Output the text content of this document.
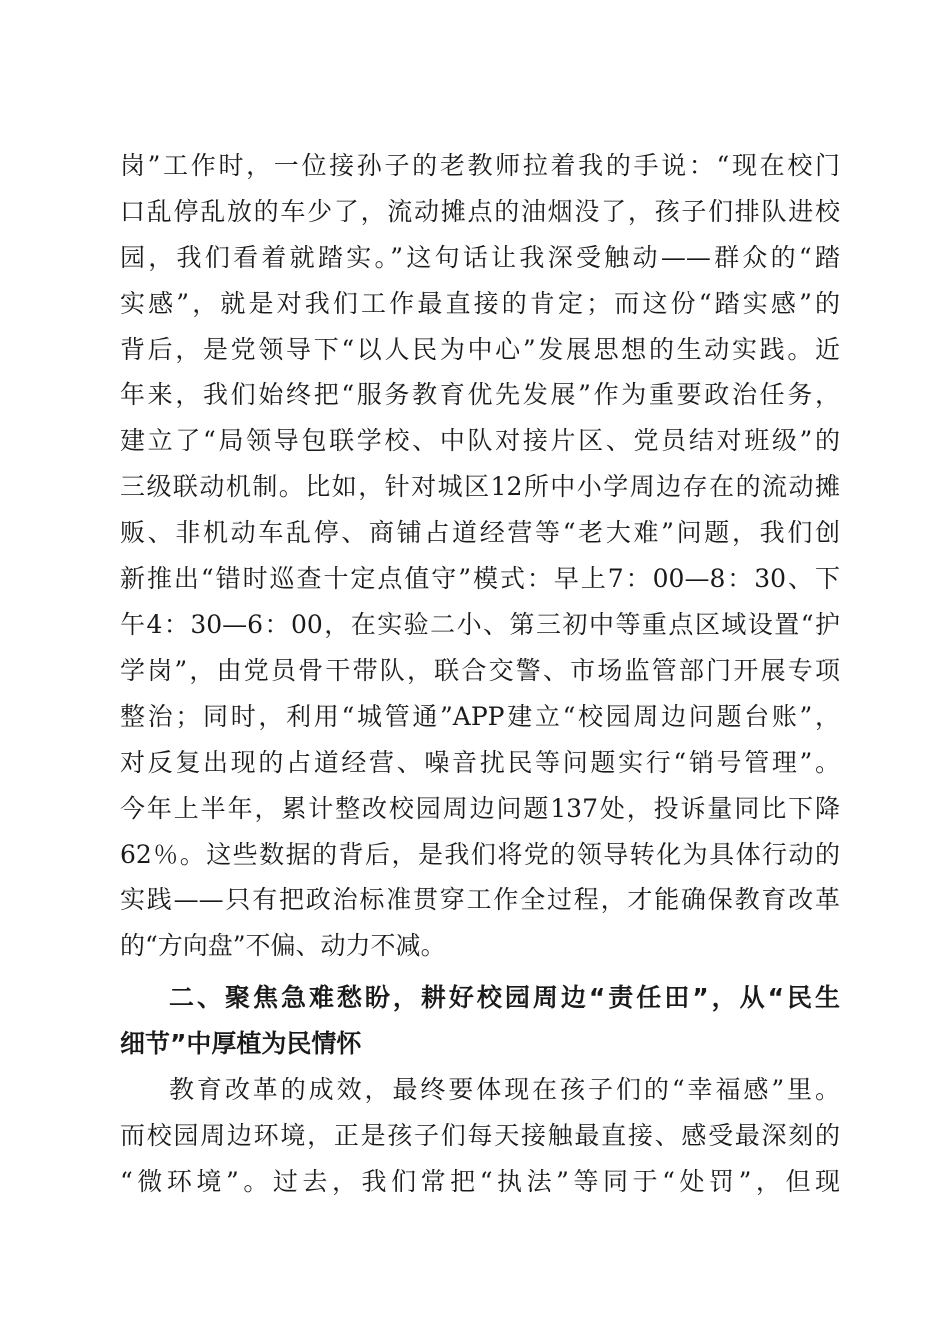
岗”工作时，一位接孙子的老教师拉着我的手说：“现在校门
口乱停乱放的车少了，流动摊点的油烟没了，孩子们排队进校
园，我们看着就踏实。”这句话让我深受触动——群众的“踏
实感”，就是对我们工作最直接的肯定；而这份“踏实感”的
背后，是党领导下“以人民为中心”发展思想的生动实践。近
年来，我们始终把“服务教育优先发展”作为重要政治任务，
建立了“局领导包联学校、中队对接片区、党员结对班级”的
三级联动机制。比如，针对城区12所中小学周边存在的流动摊
贩、非机动车乱停、商铺占道经营等“老大难”问题，我们创
新推出“错时巡查十定点值守”模式：早上7：00—8：30、下
午4：30—6：00，在实验二小、第三初中等重点区域设置“护
学岗”，由党员骨干带队，联合交警、市场监管部门开展专项
整治；同时，利用“城管通”APP建立“校园周边问题台账”，
对反复出现的占道经营、噪音扰民等问题实行“销号管理”。
今年上半年，累计整改校园周边问题137处，投诉量同比下降
62％。这些数据的背后，是我们将党的领导转化为具体行动的
实践——只有把政治标准贯穿工作全过程，才能确保教育改革
的“方向盘”不偏、动力不减。
二、聚焦急难愁盼，耕好校园周边“责任田”，从“民生
细节”中厚植为民情怀
教育改革的成效，最终要体现在孩子们的“幸福感”里。
而校园周边环境，正是孩子们每天接触最直接、感受最深刻的
“微环境”。过去，我们常把“执法”等同于“处罚”，但现
